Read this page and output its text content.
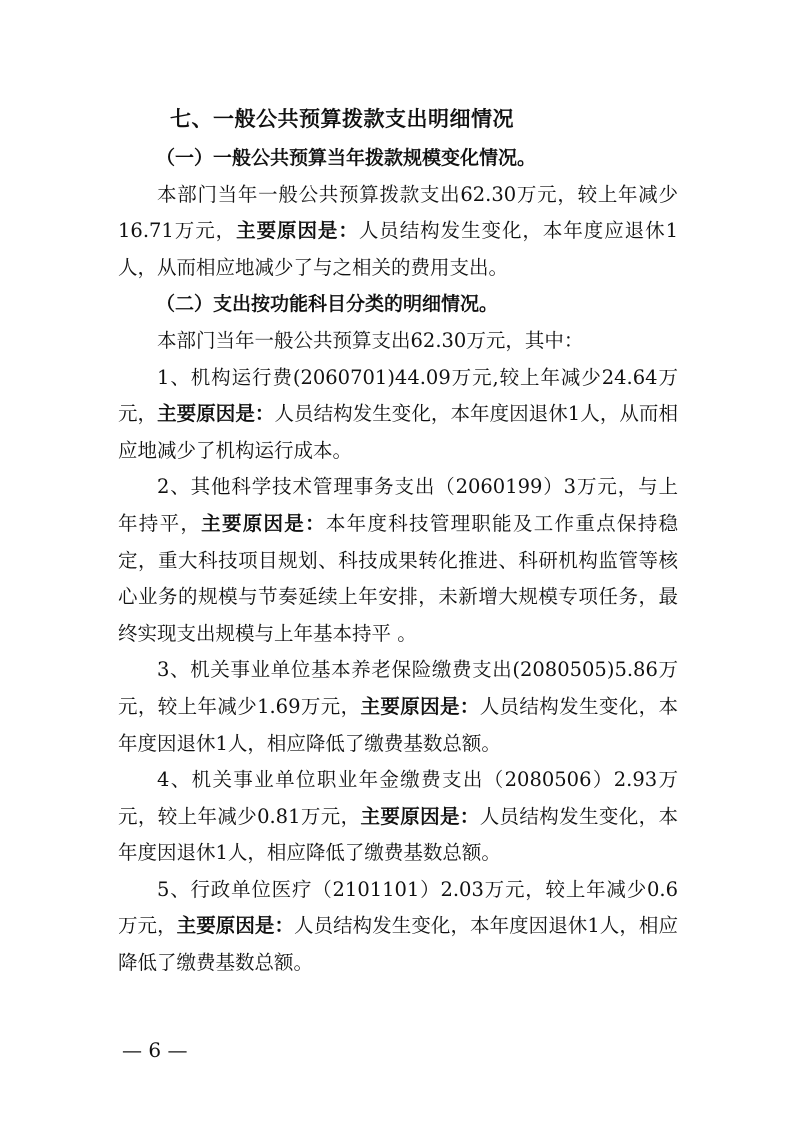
七、一般公共预算拨款支出明细情况

（一）一般公共预算当年拨款规模变化情况。

本部门当年一般公共预算拨款支出62.30万元，较上年减少16.71万元，主要原因是：人员结构发生变化，本年度应退休1人，从而相应地减少了与之相关的费用支出。

（二）支出按功能科目分类的明细情况。

本部门当年一般公共预算支出62.30万元，其中：

1、机构运行费(2060701)44.09万元,较上年减少24.64万元，主要原因是：人员结构发生变化，本年度因退休1人，从而相应地减少了机构运行成本。

2、其他科学技术管理事务支出（2060199）3万元，与上年持平，主要原因是：本年度科技管理职能及工作重点保持稳定，重大科技项目规划、科技成果转化推进、科研机构监管等核心业务的规模与节奏延续上年安排，未新增大规模专项任务，最终实现支出规模与上年基本持平 。

3、机关事业单位基本养老保险缴费支出(2080505)5.86万元，较上年减少1.69万元，主要原因是：人员结构发生变化，本年度因退休1人，相应降低了缴费基数总额。

4、机关事业单位职业年金缴费支出（2080506）2.93万元，较上年减少0.81万元，主要原因是：人员结构发生变化，本年度因退休1人，相应降低了缴费基数总额。

5、行政单位医疗（2101101）2.03万元，较上年减少0.6万元，主要原因是：人员结构发生变化，本年度因退休1人，相应降低了缴费基数总额。

— 6 —
